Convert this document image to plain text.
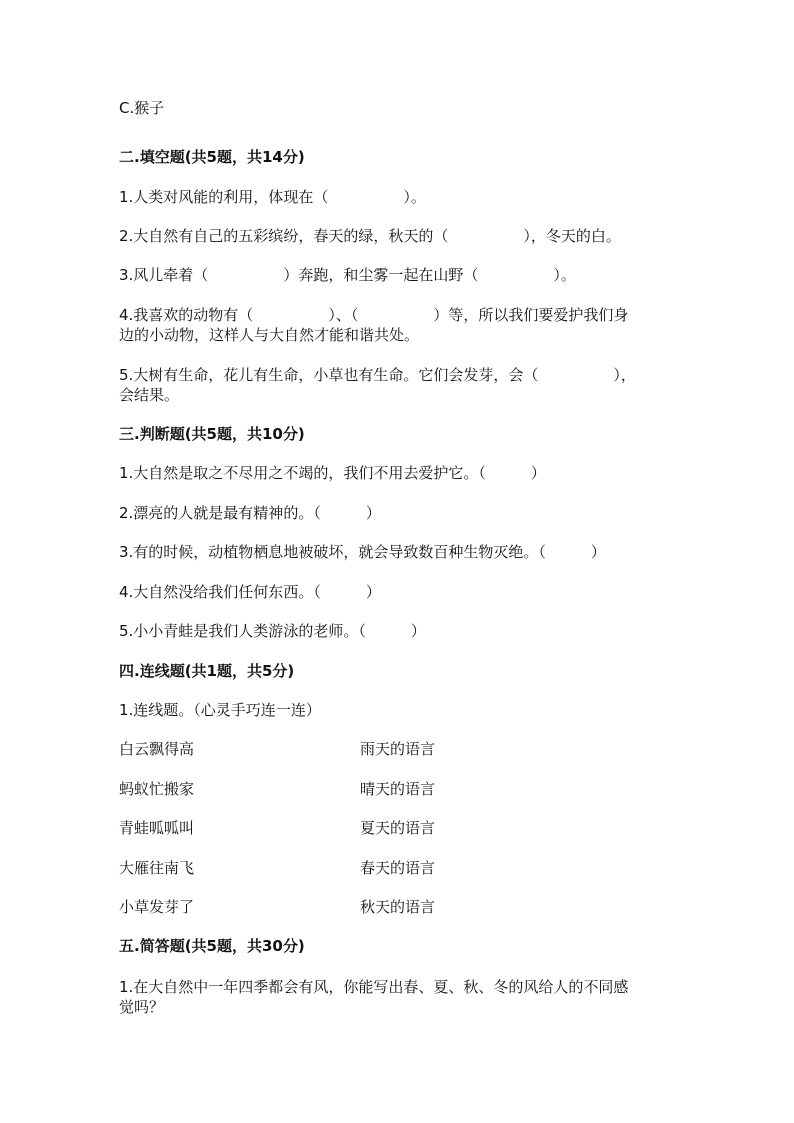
C.猴子
二.填空题(共5题，共14分)
1.人类对风能的利用，体现在（　　　　　）。
2.大自然有自己的五彩缤纷，春天的绿，秋天的（　　　　　），冬天的白。
3.风儿牵着（　　　　　）奔跑，和尘雾一起在山野（　　　　　）。
4.我喜欢的动物有（　　　　　）、（　　　　　）等，所以我们要爱护我们身
边的小动物，这样人与大自然才能和谐共处。
5.大树有生命，花儿有生命，小草也有生命。它们会发芽，会（　　　　　），
会结果。
三.判断题(共5题，共10分)
1.大自然是取之不尽用之不竭的，我们不用去爱护它。（　　　）
2.漂亮的人就是最有精神的。（　　　）
3.有的时候，动植物栖息地被破坏，就会导致数百种生物灭绝。（　　　）
4.大自然没给我们任何东西。（　　　）
5.小小青蛙是我们人类游泳的老师。（　　　）
四.连线题(共1题，共5分)
1.连线题。（心灵手巧连一连）
白云飘得高	雨天的语言
蚂蚁忙搬家	晴天的语言
青蛙呱呱叫	夏天的语言
大雁往南飞	春天的语言
小草发芽了	秋天的语言
五.简答题(共5题，共30分)
1.在大自然中一年四季都会有风，你能写出春、夏、秋、冬的风给人的不同感
觉吗？
